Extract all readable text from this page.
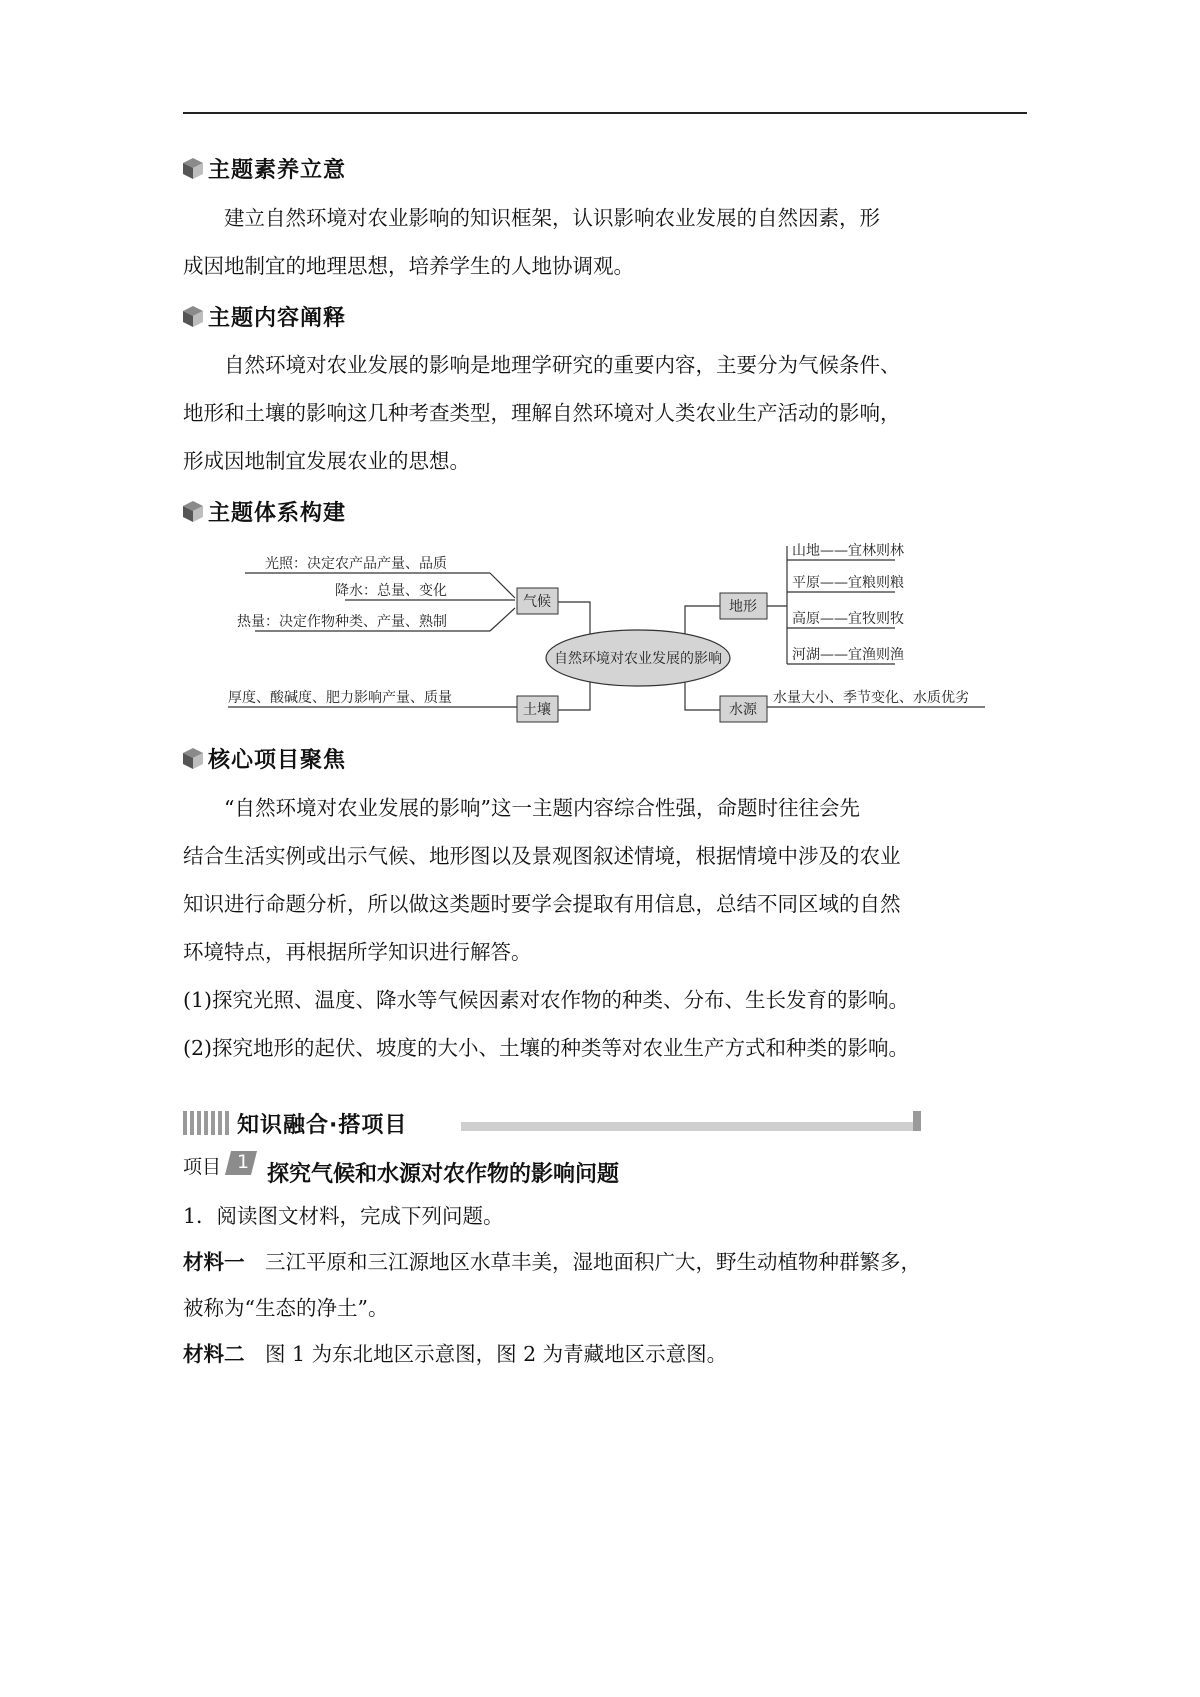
主题素养立意
建立自然环境对农业影响的知识框架，认识影响农业发展的自然因素，形
成因地制宜的地理思想，培养学生的人地协调观。
主题内容阐释
自然环境对农业发展的影响是地理学研究的重要内容，主要分为气候条件、
地形和土壤的影响这几种考查类型，理解自然环境对人类农业生产活动的影响，
形成因地制宜发展农业的思想。
主题体系构建
自然环境对农业发展的影响
气候
光照：决定农产品产量、品质
降水：总量、变化
热量：决定作物种类、产量、熟制
土壤
厚度、酸碱度、肥力影响产量、质量
地形
山地——宜林则林
平原——宜粮则粮
高原——宜牧则牧
河湖——宜渔则渔
水源
水量大小、季节变化、水质优劣
核心项目聚焦
“自然环境对农业发展的影响”这一主题内容综合性强，命题时往往会先
结合生活实例或出示气候、地形图以及景观图叙述情境，根据情境中涉及的农业
知识进行命题分析，所以做这类题时要学会提取有用信息，总结不同区域的自然
环境特点，再根据所学知识进行解答。
(1)探究光照、温度、降水等气候因素对农作物的种类、分布、生长发育的影响。
(2)探究地形的起伏、坡度的大小、土壤的种类等对农业生产方式和种类的影响。
知识融合·搭项目
项目 1 探究气候和水源对农作物的影响问题
1．阅读图文材料，完成下列问题。
材料一　 三江平原和三江源地区水草丰美，湿地面积广大，野生动植物种群繁多，
被称为“生态的净土”。
材料二　 图 1 为东北地区示意图，图 2 为青藏地区示意图。
